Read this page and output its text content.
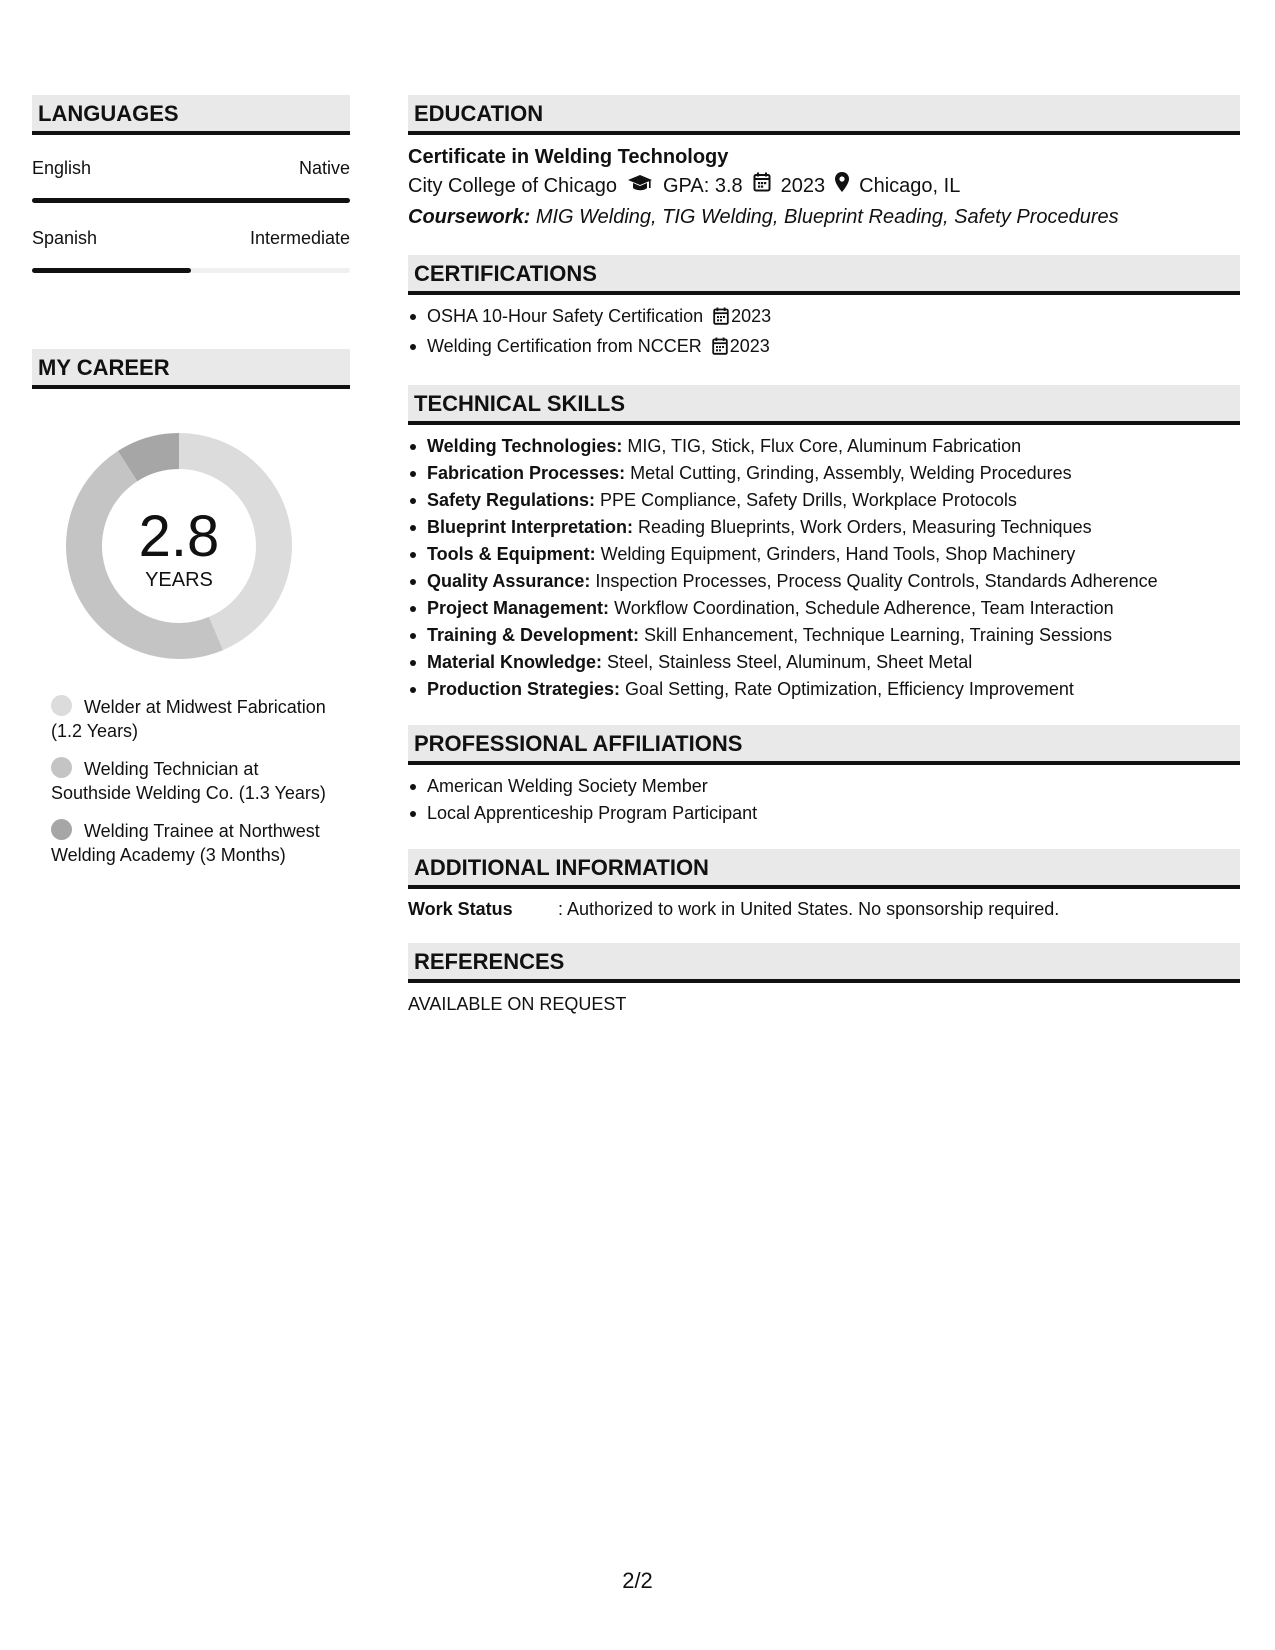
LANGUAGES
English	Native
Spanish	Intermediate
MY CAREER
2.8
YEARS
Welder at Midwest Fabrication (1.2 Years)
Welding Technician at Southside Welding Co. (1.3 Years)
Welding Trainee at Northwest Welding Academy (3 Months)
EDUCATION
Certificate in Welding Technology
City College of Chicago GPA: 3.8 2023 Chicago, IL
Coursework: MIG Welding, TIG Welding, Blueprint Reading, Safety Procedures
CERTIFICATIONS
OSHA 10-Hour Safety Certification 2023
Welding Certification from NCCER 2023
TECHNICAL SKILLS
Welding Technologies: MIG, TIG, Stick, Flux Core, Aluminum Fabrication
Fabrication Processes: Metal Cutting, Grinding, Assembly, Welding Procedures
Safety Regulations: PPE Compliance, Safety Drills, Workplace Protocols
Blueprint Interpretation: Reading Blueprints, Work Orders, Measuring Techniques
Tools & Equipment: Welding Equipment, Grinders, Hand Tools, Shop Machinery
Quality Assurance: Inspection Processes, Process Quality Controls, Standards Adherence
Project Management: Workflow Coordination, Schedule Adherence, Team Interaction
Training & Development: Skill Enhancement, Technique Learning, Training Sessions
Material Knowledge: Steel, Stainless Steel, Aluminum, Sheet Metal
Production Strategies: Goal Setting, Rate Optimization, Efficiency Improvement
PROFESSIONAL AFFILIATIONS
American Welding Society Member
Local Apprenticeship Program Participant
ADDITIONAL INFORMATION
Work Status	: Authorized to work in United States. No sponsorship required.
REFERENCES
AVAILABLE ON REQUEST
2/2
